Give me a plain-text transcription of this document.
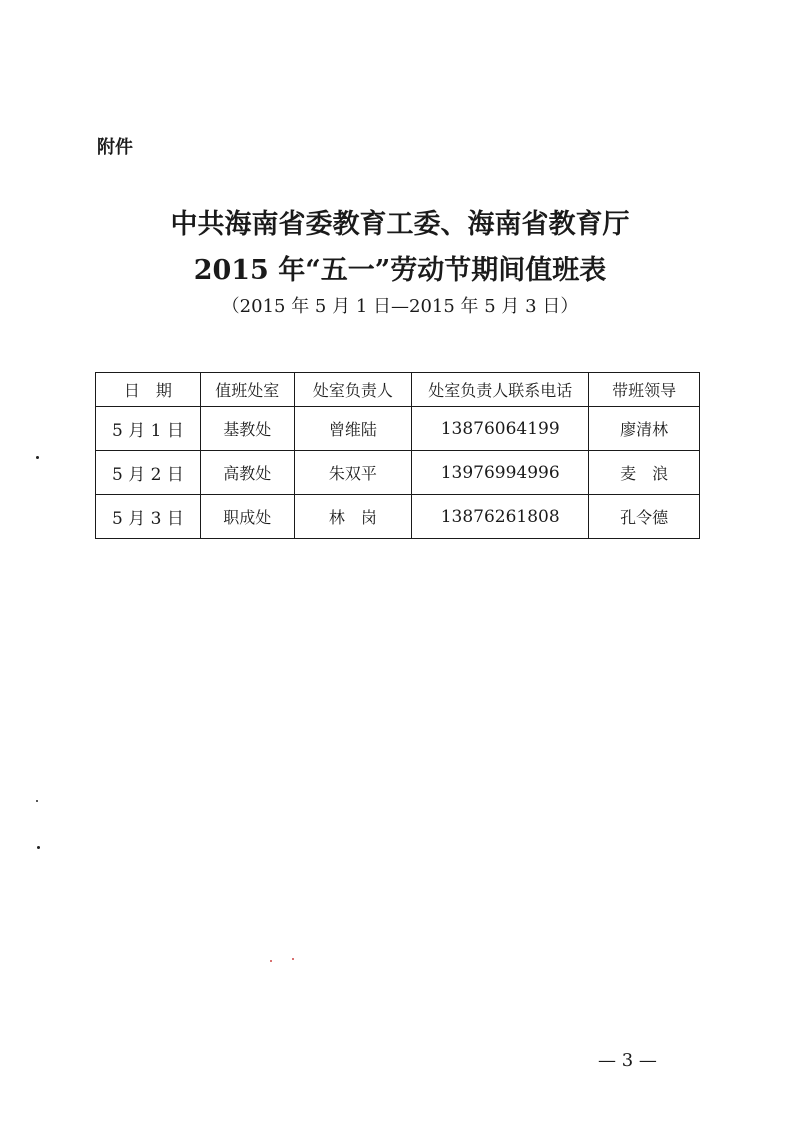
附件
中共海南省委教育工委、海南省教育厅
2015 年“五一”劳动节期间值班表
（2015 年 5 月 1 日—2015 年 5 月 3 日）
日　期	值班处室	处室负责人	处室负责人联系电话	带班领导
5 月 1 日	基教处	曾维陆	13876064199	廖清林
5 月 2 日	高教处	朱双平	13976994996	麦　浪
5 月 3 日	职成处	林　岗	13876261808	孔令德
— 3 —
